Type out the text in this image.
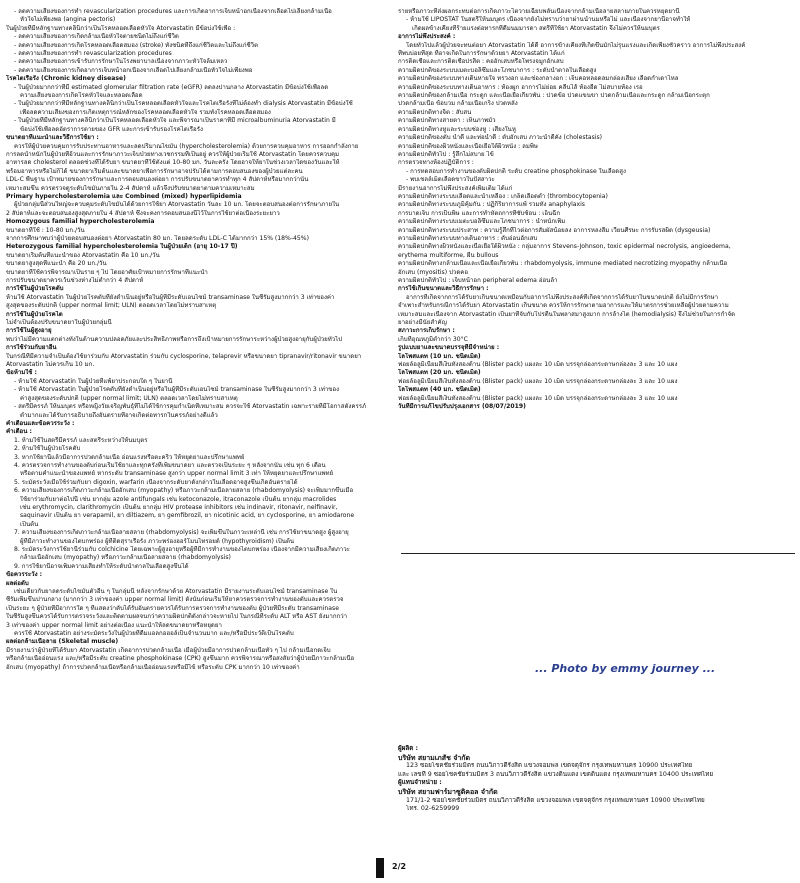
- ลดความเสี่ยงของการทำ revascularization procedures และการเกิดอาการเจ็บหน้าอกเนื่องจากเลือดไปเลี้ยงกล้ามเนื้อ

หัวใจไม่เพียงพอ (angina pectoris)

ในผู้ป่วยที่มีหลักฐานทางคลินิกว่าเป็นโรคหลอดเลือดหัวใจ Atorvastatin มีข้อบ่งใช้เพื่อ :

- ลดความเสี่ยงของการเกิดกล้ามเนื้อหัวใจตายชนิดไม่ถึงแก่ชีวิต

- ลดความเสี่ยงของการเกิดโรคหลอดเลือดสมอง (stroke) ทั้งชนิดที่ถึงแก่ชีวิตและไม่ถึงแก่ชีวิต

- ลดความเสี่ยงของการทำ revascularization procedures

- ลดความเสี่ยงของการเข้ารับการรักษาในโรงพยาบาลเนื่องจากภาวะหัวใจล้มเหลว

- ลดความเสี่ยงของการเกิดอาการเจ็บหน้าอกเนื่องจากเลือดไปเลี้ยงกล้ามเนื้อหัวใจไม่เพียงพอ

โรคไตเรื้อรัง (Chronic kidney disease)

- ในผู้ป่วยมากกว่าที่มี estimated glomerular filtration rate (eGFR) ลดลงปานกลาง Atorvastatin มีข้อบ่งใช้เพื่อลด

ความเสี่ยงของการเกิดโรคหัวใจและหลอดเลือด

- ในผู้ป่วยมากกว่าที่มีหลักฐานทางคลินิกว่าเป็นโรคหลอดเลือดหัวใจและโรคไตเรื้อรังที่ไม่ต้องทำ dialysis Atorvastatin มีข้อบ่งใช้

เพื่อลดความเสี่ยงของการเกิดเหตุการณ์หลักของโรคหลอดเลือดหัวใจ รวมทั้งโรคหลอดเลือดสมอง

- ในผู้ป่วยที่มีหลักฐานทางคลินิกว่าเป็นโรคหลอดเลือดหัวใจ และพิจารณาเป็นราคาที่มี microalbuminuria Atorvastatin มี

ข้อบ่งใช้เพื่อลดอัตราการตายของ GFR และการเข้ารับรองโรคไตเรื้อรัง

ขนาดยาที่แนะนำและวิธีการใช้ยา :

ควรให้ผู้ป่วยควบคุมการรับประทานอาหารและลดปริมาณไขมัน (hypercholesterolemia) ด้วยการควบคุมอาหาร การออกกำลังกาย

การลดน้ำหนักในผู้ป่วยที่อ้วนและการรักษาภาวะเจ็บป่วยทางเวชกรรมที่เป็นอยู่ ควรให้ผู้ป่วยเริ่มใช้ Atorvastatin โดยควรควบคุม

อาหารลด cholesterol ตลอดช่วงที่ได้รับยา ขนาดยาที่ใช้ตั้งแต่ 10-80 มก. วันละครั้ง โดยอาจให้ยาในช่วงเวลาใดของวันและให้

พร้อมอาหารหรือไม่ก็ได้ ขนาดยาเริ่มต้นและขนาดยาเพื่อการรักษาอาจปรับได้ตามการตอบสนองของผู้ป่วยแต่ละคน

LDL-C พื้นฐาน เป้าหมายของการรักษาและการตอบสนองต่อยา การปรับขนาดยาควรทำทุก 4 สัปดาห์หรือมากกว่านั้น

เหมาะสมขึ้น ควรตรวจดูระดับไขมันภายใน 2-4 สัปดาห์ แล้วจึงปรับขนาดยาตามความเหมาะสม

Primary hypercholesterolemia และ Combined (mixed) hyperlipidemia

ผู้ป่วยกลุ่มนี้ส่วนใหญ่จะควบคุมระดับไขมันได้ด้วยการใช้ยา Atorvastatin วันละ 10 มก. โดยจะตอบสนองต่อการรักษาภายใน

2 สัปดาห์และจะตอบสนองสูงสุดภายใน 4 สัปดาห์ ซึ่งจะคงการตอบสนองนี้ไว้ในการใช้ยาต่อเนื่องระยะยาว

Homozygous familial hypercholesterolemia

ขนาดยาที่ใช้ : 10-80 มก./วัน

จากการศึกษาพบว่าผู้ป่วยตอบสนองต่อยา Atorvastatin 80 มก. โดยลดระดับ LDL-C ได้มากกว่า 15% (18%-45%)

Heterozygous familial hypercholesterolemia ในผู้ป่วยเด็ก (อายุ 10-17 ปี)

ขนาดยาเริ่มต้นที่แนะนำของ Atorvastatin คือ 10 มก./วัน

ขนาดยาสูงสุดที่แนะนำ คือ 20 มก./วัน

ขนาดยาที่ใช้ควรพิจารณาเป็นราย ๆ ไป โดยอาศัยเป้าหมายการรักษาที่แนะนำ

การปรับขนาดยาควรเว้นช่วงห่างไม่ต่ำกว่า 4 สัปดาห์

การใช้ในผู้ป่วยโรคตับ

ห้ามใช้ Atorvastatin ในผู้ป่วยโรคตับที่ยังดำเนินอยู่หรือในผู้ที่มีระดับเอนไซม์ transaminase ในซีรัมสูงมากกว่า 3 เท่าของค่า

สูงสุดของระดับปกติ (upper normal limit; ULN) ตลอดเวลาโดยไม่ทราบสาเหตุ

การใช้ในผู้ป่วยโรคไต

ไม่จำเป็นต้องปรับขนาดยาในผู้ป่วยกลุ่มนี้

การใช้ในผู้สูงอายุ

พบว่าไม่มีความแตกต่างทั้งในด้านความปลอดภัยและประสิทธิภาพหรือการถึงเป้าหมายการรักษาระหว่างผู้ป่วยสูงอายุกับผู้ป่วยทั่วไป

การใช้ร่วมกับยาอื่น

ในกรณีที่มีความจำเป็นต้องใช้ยาร่วมกับ Atorvastatin ร่วมกับ cyclosporine, telaprevir หรือขนาดยา tipranavir/ritonavir ขนาดยา

Atorvastatin ไม่ควรเกิน 10 มก.

ข้อห้ามใช้ :

- ห้ามใช้ Atorvastatin ในผู้ป่วยที่แพ้ยาประกอบใด ๆ ในยานี้

- ห้ามใช้ Atorvastatin ในผู้ป่วยโรคตับที่ยังดำเนินอยู่หรือในผู้ที่มีระดับเอนไซม์ transaminase ในซีรัมสูงมากกว่า 3 เท่าของ

ค่าสูงสุดของระดับปกติ (upper normal limit; ULN) ตลอดเวลาโดยไม่ทราบสาเหตุ

- สตรีมีครรภ์ ให้นมบุตร หรือหญิงวัยเจริญพันธุ์ที่ไม่ได้ใช้การคุมกำเนิดที่เหมาะสม ควรจะใช้ Atorvastatin เฉพาะรายที่มีโอกาสตั้งครรภ์

ต่ำมากและได้รับการอธิบายถึงอันตรายที่อาจเกิดต่อทารกในครรภ์อย่างดีแล้ว

คำเตือนและข้อควรระวัง :

คำเตือน :

1. ห้ามใช้ในสตรีมีครรภ์ และสตรีระหว่างให้นมบุตร

2. ห้ามใช้ในผู้ป่วยโรคตับ

3. หากใช้ยานี้แล้วมีอาการปวดกล้ามเนื้อ อ่อนแรงหรือตะคริว ให้หยุดยาและปรึกษาแพทย์

4. ควรตรวจการทำงานของตับก่อนเริ่มใช้ยาและทุกครั้งที่เพิ่มขนาดยา และตรวจเป็นระยะ ๆ หลังจากนั้น เช่น ทุก 6 เดือน

หรือตามคำแนะนำของแพทย์ หากระดับ transaminase สูงกว่า upper normal limit 3 เท่า ให้หยุดยาและปรึกษาแพทย์

5. ระมัดระวังเมื่อใช้ร่วมกับยา digoxin, warfarin เนื่องจากระดับยาดังกล่าวในเลือดอาจสูงขึ้นเกิดอันตรายได้

6. ความเสี่ยงของการเกิดภาวะกล้ามเนื้ออักเสบ (myopathy) หรือภาวะกล้ามเนื้อลายสลาย (rhabdomyolysis) จะเพิ่มมากขึ้นเมื่อ

ใช้ยาร่วมกับยาต่อไปนี้ เช่น ยากลุ่ม azole antifungals เช่น ketoconazole, itraconazole เป็นต้น ยากลุ่ม macrolides

เช่น erythromycin, clarithromycin เป็นต้น ยากลุ่ม HIV protease inhibitors เช่น indinavir, ritonavir, nelfinavir,

saquinavir เป็นต้น ยา verapamil, ยา diltiazem, ยา gemfibrozil, ยา nicotinic acid, ยา cyclosporine, ยา amiodarone

เป็นต้น

7. ความเสี่ยงของการเกิดภาวะกล้ามเนื้อลายสลาย (rhabdomyolysis) จะเพิ่มขึ้นในภาวะเหล่านี้ เช่น การใช้ยาขนาดสูง ผู้สูงอายุ

ผู้ที่มีภาวะทำงานของไตบกพร่อง ผู้ที่ติดสุราเรื้อรัง ภาวะพร่องฮอร์โมนไทรอยด์ (hypothyroidism) เป็นต้น

8. ระมัดระวังการใช้ยานี้ร่วมกับ colchicine โดยเฉพาะผู้สูงอายุหรือผู้ที่มีการทำงานของไตบกพร่อง เนื่องจากมีความเสี่ยงเกิดภาวะ

กล้ามเนื้ออักเสบ (myopathy) หรือภาวะกล้ามเนื้อลายสลาย (rhabdomyolysis)

9. การใช้ยานี้อาจเพิ่มความเสี่ยงทำให้ระดับน้ำตาลในเลือดสูงขึ้นได้

ข้อควรระวัง :

ผลต่อตับ

เช่นเดียวกับยาลดระดับไขมันตัวอื่น ๆ ในกลุ่มนี้ หลังจากรักษาด้วย Atorvastatin มีรายงานระดับเอนไซม์ transaminase ใน

ซีรัมเพิ่มขึ้นปานกลาง (มากกว่า 3 เท่าของค่า upper normal limit) ดังนั้นก่อนเริ่มให้ยาควรตรวจการทำงานของตับและควรตรวจ

เป็นระยะ ๆ ผู้ป่วยที่มีอาการใด ๆ ที่แสดงว่าตับได้รับอันตรายควรได้รับการตรวจการทำงานของตับ ผู้ป่วยที่มีระดับ transaminase

ในซีรัมสูงขึ้นควรได้รับการตรวจระวังและติดตามผลจนกว่าความผิดปกติดังกล่าวจะหายไป ในกรณีที่ระดับ ALT หรือ AST ยังมากกว่า

3 เท่าของค่า upper normal limit อย่างต่อเนื่อง แนะนำให้ลดขนาดยาหรือหยุดยา

ควรใช้ Atorvastatin อย่างระมัดระวังในผู้ป่วยที่ดื่มแอลกอฮอล์เป็นจำนวนมาก และ/หรือมีประวัติเป็นโรคตับ

ผลต่อกล้ามเนื้อลาย (Skeletal muscle)

มีรายงานว่าผู้ป่วยที่ได้รับยา Atorvastatin เกิดอาการปวดกล้ามเนื้อ เมื่อผู้ป่วยมีอาการปวดกล้ามเนื้อทั่ว ๆ ไป กล้ามเนื้อกดเจ็บ

หรือกล้ามเนื้ออ่อนแรง และ/หรือมีระดับ creatine phosphokinase (CPK) สูงขึ้นมาก ควรพิจารณาหรือสงสัยว่าผู้ป่วยมีภาวะกล้ามเนื้อ

อักเสบ (myopathy) ถ้าการปวดกล้ามเนื้อหรือกล้ามเนื้ออ่อนแรงหรือมีไข้ หรือระดับ CPK มากกว่า 10 เท่าของค่า

รายหรือภาวะที่ส่งผลกระทบต่อการเกิดภาวะไตวายเฉียบพลันเนื่องจากกล้ามเนื้อลายสลายภายในควรหยุดยานี้

- ห้ามใช้ LIPOSTAT ในสตรีให้นมบุตร เนื่องจากยังไม่ทราบว่ายาผ่านน้ำนมหรือไม่ และเนื่องจากยานี้อาจทำให้

เกิดผลข้างเคียงที่ร้ายแรงต่อทารกที่ดื่มนมมารดา สตรีที่ใช้ยา Atorvastatin จึงไม่ควรให้นมบุตร

อาการไม่พึงประสงค์ :

โดยทั่วไปแล้วผู้ป่วยจะทนต่อยา Atorvastatin ได้ดี อาการข้างเคียงที่เกิดขึ้นมักไม่รุนแรงและเกิดเพียงชั่วคราว อาการไม่พึงประสงค์

ที่พบบ่อยที่สุด ที่อาจเกิดในการรักษาด้วยยา Atorvastatin ได้แก่

การติดเชื้อและการติดเชื้อปรสิต : คออักเสบหรือโพรงจมูกอักเสบ

ความผิดปกติของระบบเมตะบอลิซึมและโภชนาการ : ระดับน้ำตาลในเลือดสูง

ความผิดปกติของระบบทางเดินหายใจ ทรวงอก และช่องกลางอก : เจ็บคอหลอดลมกล่องเสียง เลือดกำเดาไหล

ความผิดปกติของระบบทางเดินอาหาร : ท้องผูก อาการไม่ย่อย คลื่นไส้ ท้องอืด ไม่สบายท้อง เรอ

ความผิดปกติของกล้ามเนื้อ กระดูก และเนื้อเยื่อเกี่ยวพัน : ปวดข้อ ปวดแขนขา ปวดกล้ามเนื้อและกระดูก กล้ามเนื้อกระตุก

ปวดกล้ามเนื้อ ข้อบวม กล้ามเนื้อเกร็ง ปวดหลัง

ความผิดปกติทางจิต : สับสน

ความผิดปกติทางสายตา : เห็นภาพมัว

ความผิดปกติทางหูและระบบช่องหู : เสียงในหู

ความผิดปกติของตับ น้ำดี และท่อน้ำดี : ตับอักเสบ ภาวะน้ำดีคั่ง (cholestasis)

ความผิดปกติของผิวหนังและเนื้อเยื่อใต้ผิวหนัง : ลมพิษ

ความผิดปกติทั่วไป : รู้สึกไม่สบาย ไข้

การตรวจทางห้องปฏิบัติการ :

- การทดสอบการทำงานของตับผิดปกติ ระดับ creatine phosphokinase ในเลือดสูง

- พบเชลล์เม็ดเลือดขาวในปัสสาวะ

มีรายงานอาการไม่พึงประสงค์เพิ่มเติม ได้แก่

ความผิดปกติทางระบบเลือดและน้ำเหลือง : เกล็ดเลือดต่ำ (thrombocytopenia)

ความผิดปกติทางระบบภูมิคุ้มกัน : ปฏิกิริยาการแพ้ รวมทั้ง anaphylaxis

การบาดเจ็บ การเป็นพิษ และการทำหัตถการที่ซับซ้อน : เอ็นฉีก

ความผิดปกติทางระบบเมตะบอลิซึมและโภชนาการ : น้ำหนักเพิ่ม

ความผิดปกติทางระบบประสาท : ความรู้สึกที่ไวต่อการสัมผัสน้อยลง อาการหลงลืม เวียนศีรษะ การรับรสผิด (dysgeusia)

ความผิดปกติทางระบบทางเดินอาหาร : ตับอ่อนอักเสบ

ความผิดปกติทางผิวหนังและเนื้อเยื่อใต้ผิวหนัง : กลุ่มอาการ Stevens-Johnson, toxic epidermal necrolysis, angioedema,

erythema multiforme, ผื่น bullous

ความผิดปกติทางกล้ามเนื้อและเนื้อเยื่อเกี่ยวพัน : rhabdomyolysis, immune mediated necrotizing myopathy กล้ามเนื้อ

อักเสบ (myositis) ปวดคอ

ความผิดปกติทั่วไป : เจ็บหน้าอก peripheral edema อ่อนล้า

การใช้เกินขนาดและวิธีการรักษา :

อาการที่เกิดจากการได้รับยาเกินขนาดเหมือนกับอาการไม่พึงประสงค์ที่เกิดจากการได้รับยาในขนาดปกติ ยังไม่มีการรักษา

จำเพาะสำหรับกรณีการได้รับยา Atorvastatin เกินขนาด ควรให้การรักษาตามอาการและให้มาตรการช่วยเหลือผู้ป่วยตามความ

เหมาะสมและเนื่องจาก Atorvastatin เป็นยาที่จับกับโปรตีนในพลาสมาสูงมาก การล้างไต (hemodialysis) จึงไม่ช่วยในการกำจัด

ยาอย่างมีนัยสำคัญ

สภาวะการเก็บรักษา :

เก็บที่อุณหภูมิต่ำกว่า 30°C

รูปแบบยาและขนาดบรรจุที่มีจำหน่าย :

โลโพสแตท (10 มก. ชนิดเม็ด)

ฟอยล์อลูมิเนียมสีเงินทั้งสองด้าน (Blister pack) แผงละ 10 เม็ด บรรจุกล่องกระดาษกล่องละ 3 และ 10 แผง

โลโพสแตท (20 มก. ชนิดเม็ด)

ฟอยล์อลูมิเนียมสีเงินทั้งสองด้าน (Blister pack) แผงละ 10 เม็ด บรรจุกล่องกระดาษกล่องละ 3 และ 10 แผง

โลโพสแตท (40 มก. ชนิดเม็ด)

ฟอยล์อลูมิเนียมสีเงินทั้งสองด้าน (Blister pack) แผงละ 10 เม็ด บรรจุกล่องกระดาษกล่องละ 3 และ 10 แผง

วันที่มีการแก้ไขปรับปรุงเอกสาร (08/07/2019)

... Photo by emmy journey ...

ผู้ผลิต :

บริษัท สยามเภสัช จำกัด

123 ซอยโชคชัยร่วมมิตร ถนนวิภาวดีรังสิต แขวงจอมพล เขตจตุจักร กรุงเทพมหานคร 10900 ประเทศไทย

และ เลขที่ 9 ซอยโชคชัยร่วมมิตร 3 ถนนวิภาวดีรังสิต แขวงดินแดง เขตดินแดง กรุงเทพมหานคร 10400 ประเทศไทย

ผู้แทนจำหน่าย :

บริษัท สยามฟาร์มาซูติคอล จำกัด

171/1-2 ซอยโชคชัยร่วมมิตร ถนนวิภาวดีรังสิต แขวงจอมพล เขตจตุจักร กรุงเทพมหานคร 10900 ประเทศไทย

โทร. 02-6259999

2/2
